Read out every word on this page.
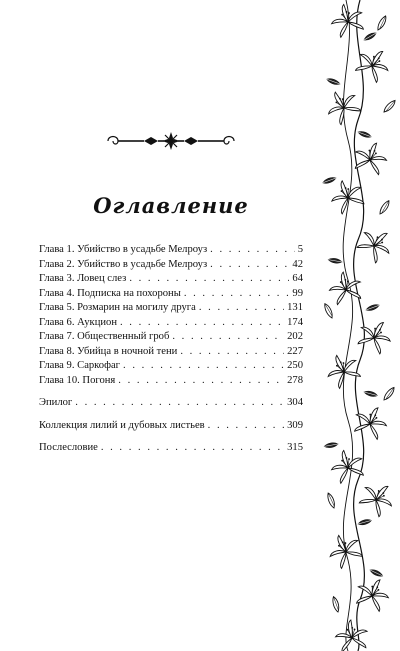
Оглавление
Глава 1. Убийство в усадьбе Мелроуз . . .	5
Глава 2. Убийство в усадьбе Мелроуз . . .	42
Глава 3. Ловец слез . . .	64
Глава 4. Подписка на похороны . . .	99
Глава 5. Розмарин на могилу друга . . .	131
Глава 6. Аукцион . . .	174
Глава 7. Общественный гроб . . .	202
Глава 8. Убийца в ночной тени . . .	227
Глава 9. Саркофаг . . .	250
Глава 10. Погоня . . .	278
Эпилог . . .	304
Коллекция лилий и дубовых листьев . . .	309
Послесловие . . .	315
